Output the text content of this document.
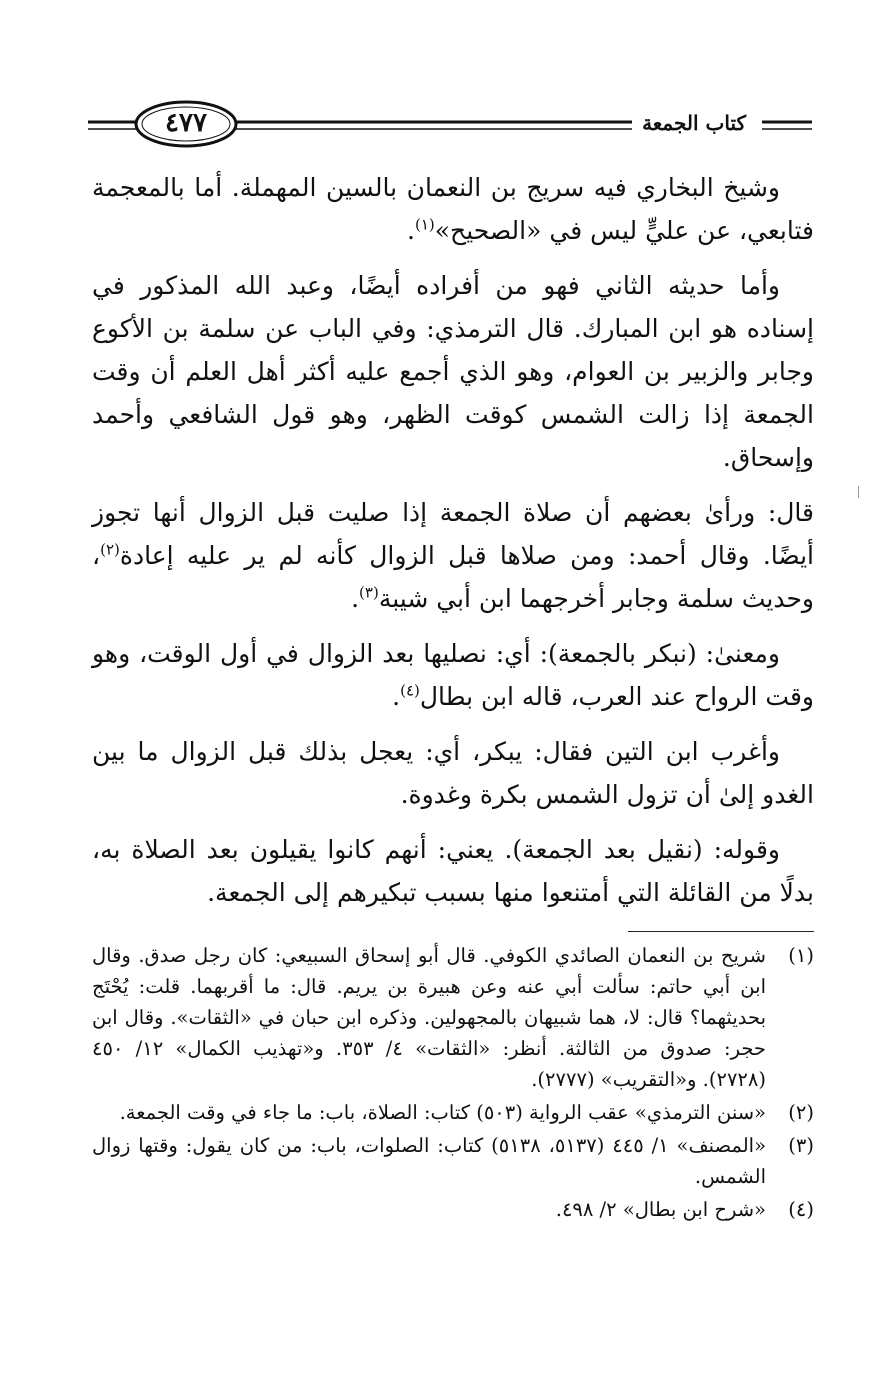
٤٧٧	كتاب الجمعة

وشيخ البخاري فيه سريج بن النعمان بالسين المهملة. أما بالمعجمة فتابعي، عن عليٍّ ليس في «الصحيح»$^{(١)}$.

وأما حديثه الثاني فهو من أفراده أيضًا، وعبد الله المذكور في إسناده هو ابن المبارك. قال الترمذي: وفي الباب عن سلمة بن الأكوع وجابر والزبير بن العوام، وهو الذي أجمع عليه أكثر أهل العلم أن وقت الجمعة إذا زالت الشمس كوقت الظهر، وهو قول الشافعي وأحمد وإسحاق.

قال: ورأىٰ بعضهم أن صلاة الجمعة إذا صليت قبل الزوال أنها تجوز أيضًا. وقال أحمد: ومن صلاها قبل الزوال كأنه لم ير عليه إعادة$^{(٢)}$، وحديث سلمة وجابر أخرجهما ابن أبي شيبة$^{(٣)}$.

ومعنىٰ: (نبكر بالجمعة): أي: نصليها بعد الزوال في أول الوقت، وهو وقت الرواح عند العرب، قاله ابن بطال$^{(٤)}$.

وأغرب ابن التين فقال: يبكر، أي: يعجل بذلك قبل الزوال ما بين الغدو إلىٰ أن تزول الشمس بكرة وغدوة.

وقوله: (نقيل بعد الجمعة). يعني: أنهم كانوا يقيلون بعد الصلاة به، بدلًا من القائلة التي أمتنعوا منها بسبب تبكيرهم إلى الجمعة.

(١)
شريح بن النعمان الصائدي الكوفي. قال أبو إسحاق السبيعي: كان رجل صدق. وقال ابن أبي حاتم: سألت أبي عنه وعن هبيرة بن يريم. قال: ما أقربهما. قلت: يُحْتَج بحديثهما؟ قال: لا، هما شبيهان بالمجهولين. وذكره ابن حبان في «الثقات». وقال ابن حجر: صدوق من الثالثة. أنظر: «الثقات» ٤/ ٣٥٣. و«تهذيب الكمال» ١٢/ ٤٥٠ (٢٧٢٨). و«التقريب» (٢٧٧٧).
(٢)
«سنن الترمذي» عقب الرواية (٥٠٣) كتاب: الصلاة، باب: ما جاء في وقت الجمعة.
(٣)
«المصنف» ١/ ٤٤٥ (٥١٣٧، ٥١٣٨) كتاب: الصلوات، باب: من كان يقول: وقتها زوال الشمس.
(٤)
«شرح ابن بطال» ٢/ ٤٩٨.
